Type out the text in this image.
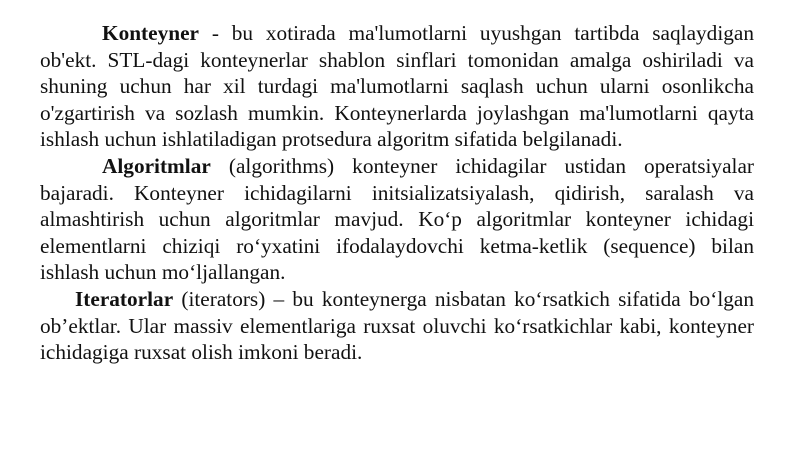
Konteyner - bu xotirada ma'lumotlarni uyushgan tartibda saqlaydigan ob'ekt. STL-dagi konteynerlar shablon sinflari tomonidan amalga oshiriladi va shuning uchun har xil turdagi ma'lumotlarni saqlash uchun ularni osonlikcha o'zgartirish va sozlash mumkin. Konteynerlarda joylashgan ma'lumotlarni qayta ishlash uchun ishlatiladigan protsedura algoritm sifatida belgilanadi.

Algoritmlar (algorithms) konteyner ichidagilar ustidan operatsiyalar bajaradi. Konteyner ichidagilarni initsializatsiyalash, qidirish, saralash va almashtirish uchun algoritmlar mavjud. Ko‘p algoritmlar konteyner ichidagi elementlarni chiziqi ro‘yxatini ifodalaydovchi ketma-ketlik (sequence) bilan ishlash uchun mo‘ljallangan.

Iteratorlar (iterators) – bu konteynerga nisbatan ko‘rsatkich sifatida bo‘lgan ob’ektlar. Ular massiv elementlariga ruxsat oluvchi ko‘rsatkichlar kabi, konteyner ichidagiga ruxsat olish imkoni beradi.
